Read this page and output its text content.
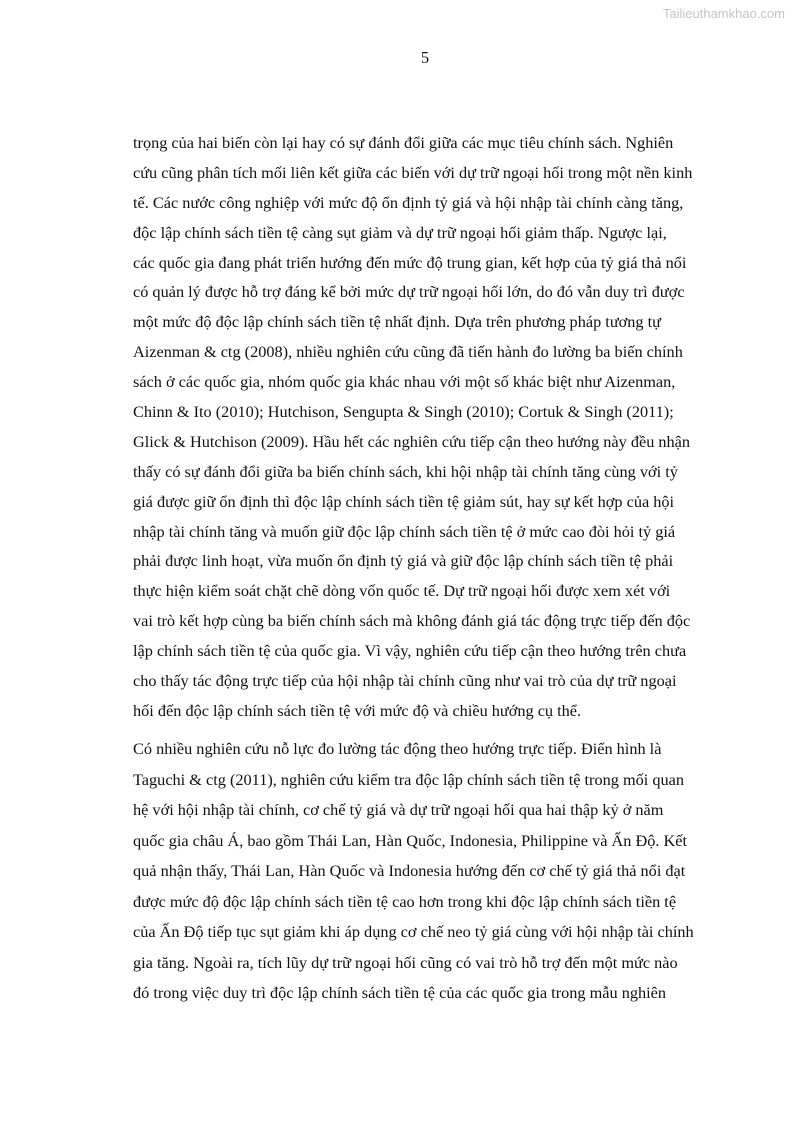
Tailieuthamkhao.com
5
trọng của hai biến còn lại hay có sự đánh đổi giữa các mục tiêu chính sách. Nghiên
cứu cũng phân tích mối liên kết giữa các biến với dự trữ ngoại hối trong một nền kinh
tế. Các nước công nghiệp với mức độ ổn định tỷ giá và hội nhập tài chính càng tăng,
độc lập chính sách tiền tệ càng sụt giảm và dự trữ ngoại hối giảm thấp. Ngược lại,
các quốc gia đang phát triển hướng đến mức độ trung gian, kết hợp của tỷ giá thả nổi
có quản lý được hỗ trợ đáng kể bởi mức dự trữ ngoại hối lớn, do đó vẫn duy trì được
một mức độ độc lập chính sách tiền tệ nhất định. Dựa trên phương pháp tương tự
Aizenman & ctg (2008), nhiều nghiên cứu cũng đã tiến hành đo lường ba biến chính
sách ở các quốc gia, nhóm quốc gia khác nhau với một số khác biệt như Aizenman,
Chinn & Ito (2010); Hutchison, Sengupta & Singh (2010); Cortuk & Singh (2011);
Glick & Hutchison (2009). Hầu hết các nghiên cứu tiếp cận theo hướng này đều nhận
thấy có sự đánh đổi giữa ba biến chính sách, khi hội nhập tài chính tăng cùng với tỷ
giá được giữ ổn định thì độc lập chính sách tiền tệ giảm sút, hay sự kết hợp của hội
nhập tài chính tăng và muốn giữ độc lập chính sách tiền tệ ở mức cao đòi hỏi tỷ giá
phải được linh hoạt, vừa muốn ổn định tỷ giá và giữ độc lập chính sách tiền tệ phải
thực hiện kiểm soát chặt chẽ dòng vốn quốc tế. Dự trữ ngoại hối được xem xét với
vai trò kết hợp cùng ba biến chính sách mà không đánh giá tác động trực tiếp đến độc
lập chính sách tiền tệ của quốc gia. Vì vậy, nghiên cứu tiếp cận theo hướng trên chưa
cho thấy tác động trực tiếp của hội nhập tài chính cũng như vai trò của dự trữ ngoại
hối đến độc lập chính sách tiền tệ với mức độ và chiều hướng cụ thể.
Có nhiều nghiên cứu nỗ lực đo lường tác động theo hướng trực tiếp. Điển hình là
Taguchi & ctg (2011), nghiên cứu kiểm tra độc lập chính sách tiền tệ trong mối quan
hệ với hội nhập tài chính, cơ chế tỷ giá và dự trữ ngoại hối qua hai thập kỷ ở năm
quốc gia châu Á, bao gồm Thái Lan, Hàn Quốc, Indonesia, Philippine và Ấn Độ. Kết
quả nhận thấy, Thái Lan, Hàn Quốc và Indonesia hướng đến cơ chế tỷ giá thả nổi đạt
được mức độ độc lập chính sách tiền tệ cao hơn trong khi độc lập chính sách tiền tệ
của Ấn Độ tiếp tục sụt giảm khi áp dụng cơ chế neo tỷ giá cùng với hội nhập tài chính
gia tăng. Ngoài ra, tích lũy dự trữ ngoại hối cũng có vai trò hỗ trợ đến một mức nào
đó trong việc duy trì độc lập chính sách tiền tệ của các quốc gia trong mẫu nghiên
